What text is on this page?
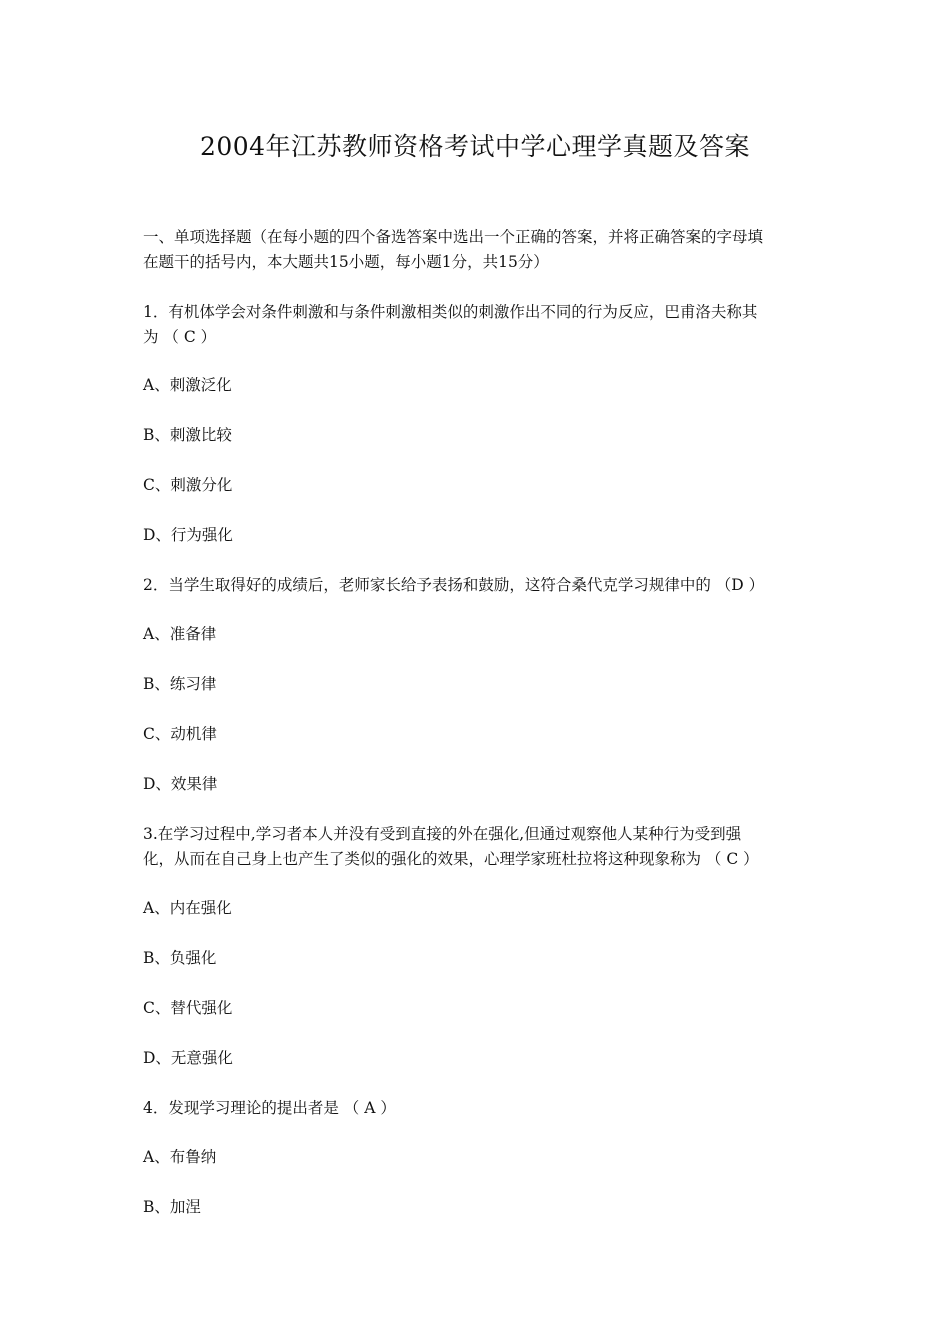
2004年江苏教师资格考试中学心理学真题及答案
一、单项选择题（在每小题的四个备选答案中选出一个正确的答案，并将正确答案的字母填
在题干的括号内，本大题共15小题，每小题1分，共15分）
1．有机体学会对条件刺激和与条件刺激相类似的刺激作出不同的行为反应，巴甫洛夫称其
为 （ C ）
A、刺激泛化
B、刺激比较
C、刺激分化
D、行为强化
2．当学生取得好的成绩后，老师家长给予表扬和鼓励，这符合桑代克学习规律中的 （D ）
A、准备律
B、练习律
C、动机律
D、效果律
3.在学习过程中,学习者本人并没有受到直接的外在强化,但通过观察他人某种行为受到强
化，从而在自己身上也产生了类似的强化的效果，心理学家班杜拉将这种现象称为 （ C ）
A、内在强化
B、负强化
C、替代强化
D、无意强化
4．发现学习理论的提出者是 （ A ）
A、布鲁纳
B、加涅
